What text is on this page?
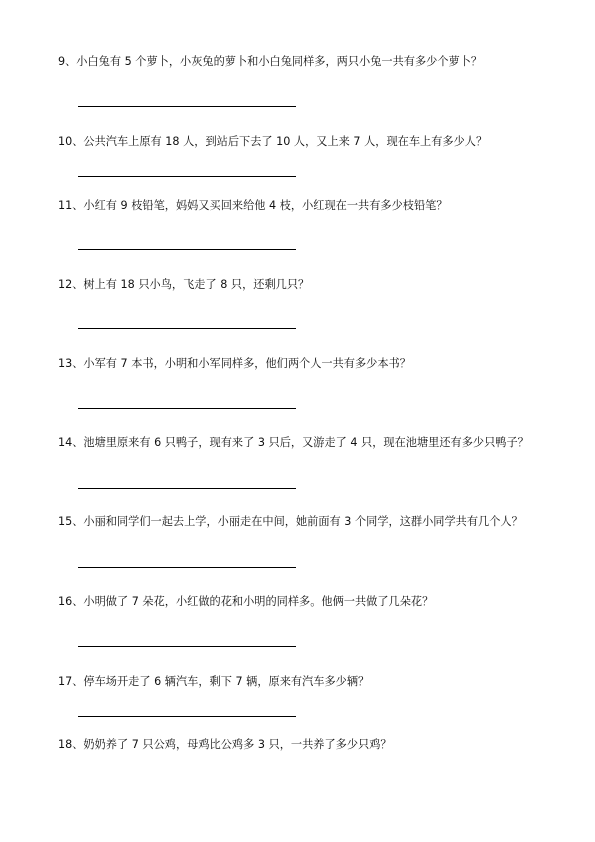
9、小白兔有 5 个萝卜，小灰兔的萝卜和小白兔同样多，两只小兔一共有多少个萝卜？
10、公共汽车上原有 18 人，到站后下去了 10 人，又上来 7 人，现在车上有多少人？
11、小红有 9 枝铅笔，妈妈又买回来给他 4 枝，小红现在一共有多少枝铅笔？
12、树上有 18 只小鸟，飞走了 8 只，还剩几只？
13、小军有 7 本书，小明和小军同样多，他们两个人一共有多少本书？
14、池塘里原来有 6 只鸭子，现有来了 3 只后，又游走了 4 只，现在池塘里还有多少只鸭子？
15、小丽和同学们一起去上学，小丽走在中间，她前面有 3 个同学，这群小同学共有几个人？
16、小明做了 7 朵花，小红做的花和小明的同样多。他俩一共做了几朵花？
17、停车场开走了 6 辆汽车，剩下 7 辆，原来有汽车多少辆？
18、奶奶养了 7 只公鸡，母鸡比公鸡多 3 只，一共养了多少只鸡？
